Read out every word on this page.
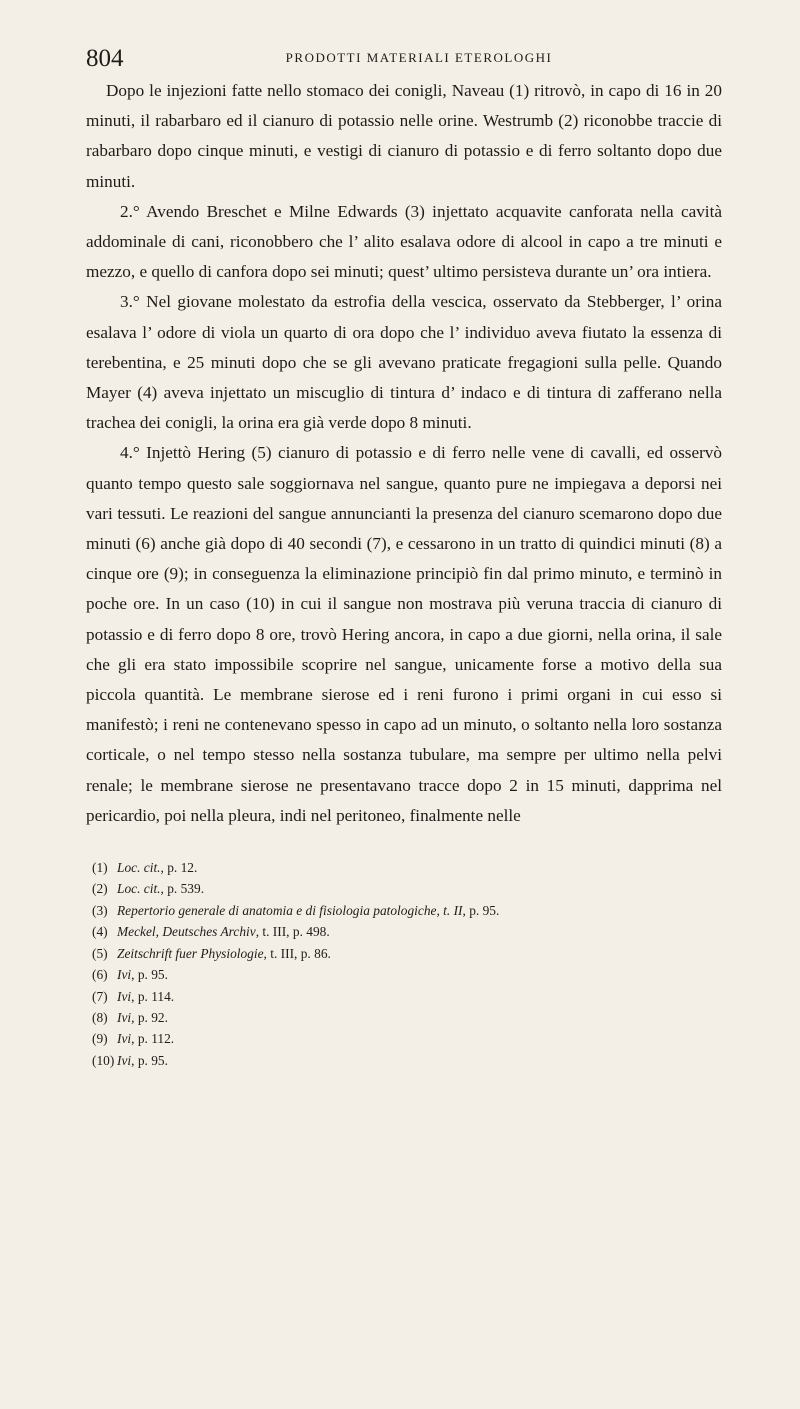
804	PRODOTTI MATERIALI ETEROLOGHI

Dopo le injezioni fatte nello stomaco dei conigli, Naveau (1) ritrovò, in capo di 16 in 20 minuti, il rabarbaro ed il cianuro di potassio nelle orine. Westrumb (2) riconobbe traccie di rabarbaro dopo cinque minuti, e vestigi di cianuro di potassio e di ferro soltanto dopo due minuti.

2.° Avendo Breschet e Milne Edwards (3) injettato acquavite canforata nella cavità addominale di cani, riconobbero che l’ alito esalava odore di alcool in capo a tre minuti e mezzo, e quello di canfora dopo sei minuti; quest’ ultimo persisteva durante un’ ora intiera.

3.° Nel giovane molestato da estrofia della vescica, osservato da Stebberger, l’ orina esalava l’ odore di viola un quarto di ora dopo che l’ individuo aveva fiutato la essenza di terebentina, e 25 minuti dopo che se gli avevano praticate fregagioni sulla pelle. Quando Mayer (4) aveva injettato un miscuglio di tintura d’ indaco e di tintura di zafferano nella trachea dei conigli, la orina era già verde dopo 8 minuti.

4.° Injettò Hering (5) cianuro di potassio e di ferro nelle vene di cavalli, ed osservò quanto tempo questo sale soggiornava nel sangue, quanto pure ne impiegava a deporsi nei vari tessuti. Le reazioni del sangue annuncianti la presenza del cianuro scemarono dopo due minuti (6) anche già dopo di 40 secondi (7), e cessarono in un tratto di quindici minuti (8) a cinque ore (9); in conseguenza la eliminazione principiò fin dal primo minuto, e terminò in poche ore. In un caso (10) in cui il sangue non mostrava più veruna traccia di cianuro di potassio e di ferro dopo 8 ore, trovò Hering ancora, in capo a due giorni, nella orina, il sale che gli era stato impossibile scoprire nel sangue, unicamente forse a motivo della sua piccola quantità. Le membrane sierose ed i reni furono i primi organi in cui esso si manifestò; i reni ne contenevano spesso in capo ad un minuto, o soltanto nella loro sostanza corticale, o nel tempo stesso nella sostanza tubulare, ma sempre per ultimo nella pelvi renale; le membrane sierose ne presentavano tracce dopo 2 in 15 minuti, dapprima nel pericardio, poi nella pleura, indi nel peritoneo, finalmente nelle

(1) Loc. cit., p. 12.
(2) Loc. cit., p. 539.
(3) Repertorio generale di anatomia e di fisiologia patologiche, t. II, p. 95.
(4) Meckel, Deutsches Archiv, t. III, p. 498.
(5) Zeitschrift fuer Physiologie, t. III, p. 86.
(6) Ivi, p. 95.
(7) Ivi, p. 114.
(8) Ivi, p. 92.
(9) Ivi, p. 112.
(10) Ivi, p. 95.
